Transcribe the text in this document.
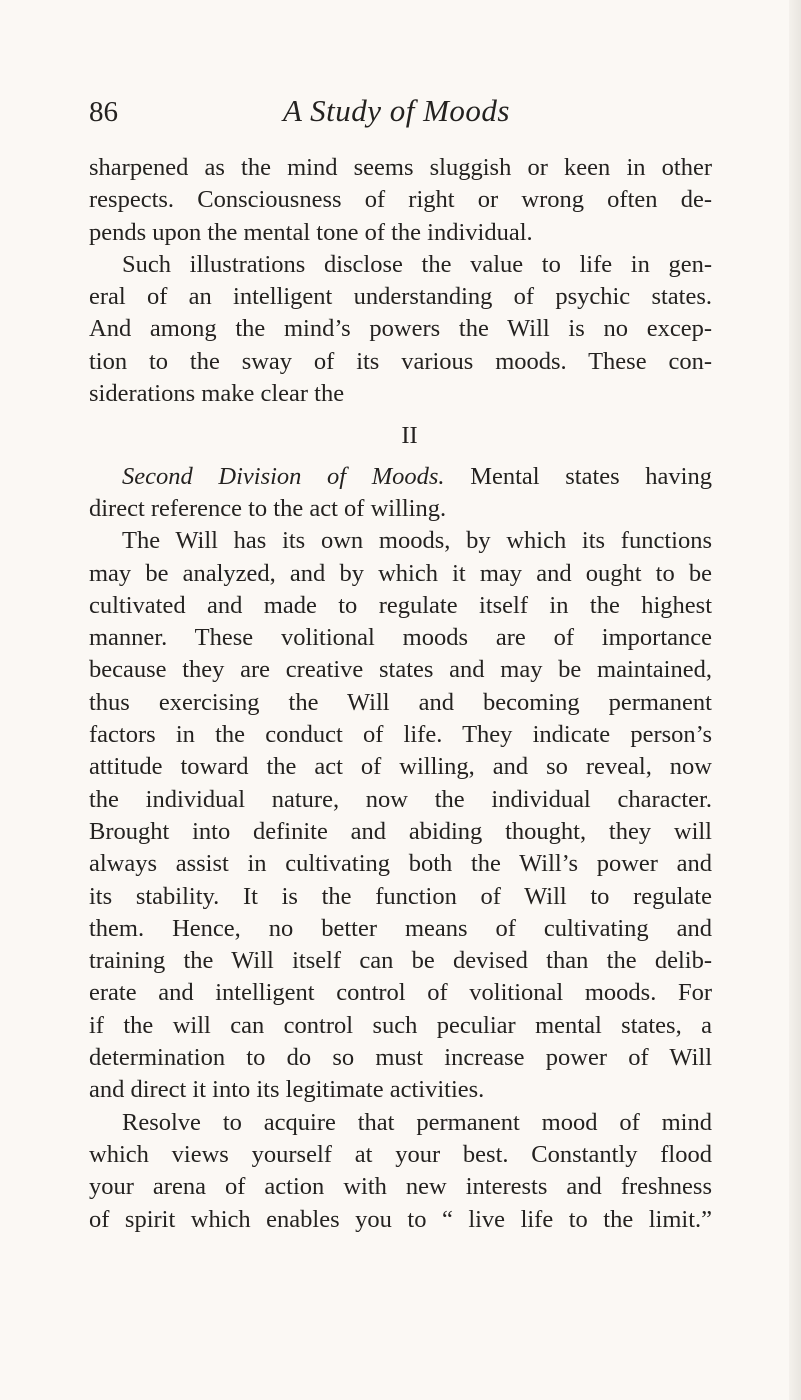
86	A Study of Moods
sharpened as the mind seems sluggish or keen in other
respects. Consciousness of right or wrong often de-
pends upon the mental tone of the individual.
Such illustrations disclose the value to life in gen-
eral of an intelligent understanding of psychic states.
And among the mind’s powers the Will is no excep-
tion to the sway of its various moods. These con-
siderations make clear the
II
Second Division of Moods. Mental states having
direct reference to the act of willing.
The Will has its own moods, by which its functions
may be analyzed, and by which it may and ought to be
cultivated and made to regulate itself in the highest
manner. These volitional moods are of importance
because they are creative states and may be maintained,
thus exercising the Will and becoming permanent
factors in the conduct of life. They indicate person’s
attitude toward the act of willing, and so reveal, now
the individual nature, now the individual character.
Brought into definite and abiding thought, they will
always assist in cultivating both the Will’s power and
its stability. It is the function of Will to regulate
them. Hence, no better means of cultivating and
training the Will itself can be devised than the delib-
erate and intelligent control of volitional moods. For
if the will can control such peculiar mental states, a
determination to do so must increase power of Will
and direct it into its legitimate activities.
Resolve to acquire that permanent mood of mind
which views yourself at your best. Constantly flood
your arena of action with new interests and freshness
of spirit which enables you to “ live life to the limit.”
